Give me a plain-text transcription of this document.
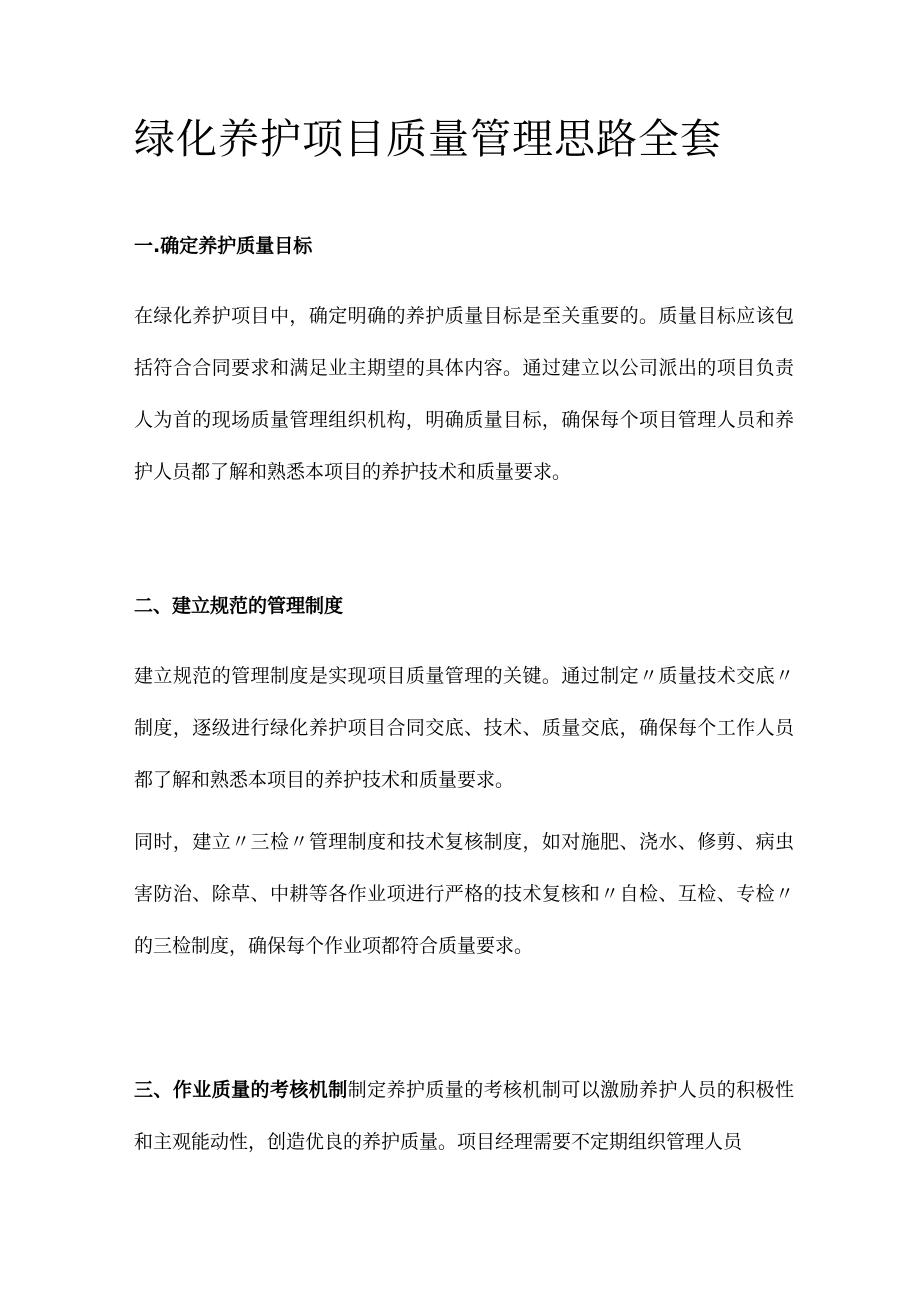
绿化养护项目质量管理思路全套
一.确定养护质量目标

在绿化养护项目中，确定明确的养护质量目标是至关重要的。质量目标应该包括符合合同要求和满足业主期望的具体内容。通过建立以公司派出的项目负责人为首的现场质量管理组织机构，明确质量目标，确保每个项目管理人员和养护人员都了解和熟悉本项目的养护技术和质量要求。

二、建立规范的管理制度

建立规范的管理制度是实现项目质量管理的关键。通过制定〃质量技术交底〃制度，逐级进行绿化养护项目合同交底、技术、质量交底，确保每个工作人员都了解和熟悉本项目的养护技术和质量要求。

同时，建立〃三检〃管理制度和技术复核制度，如对施肥、浇水、修剪、病虫害防治、除草、中耕等各作业项进行严格的技术复核和〃自检、互检、专检〃的三检制度，确保每个作业项都符合质量要求。

三、作业质量的考核机制制定养护质量的考核机制可以激励养护人员的积极性和主观能动性，创造优良的养护质量。项目经理需要不定期组织管理人员
